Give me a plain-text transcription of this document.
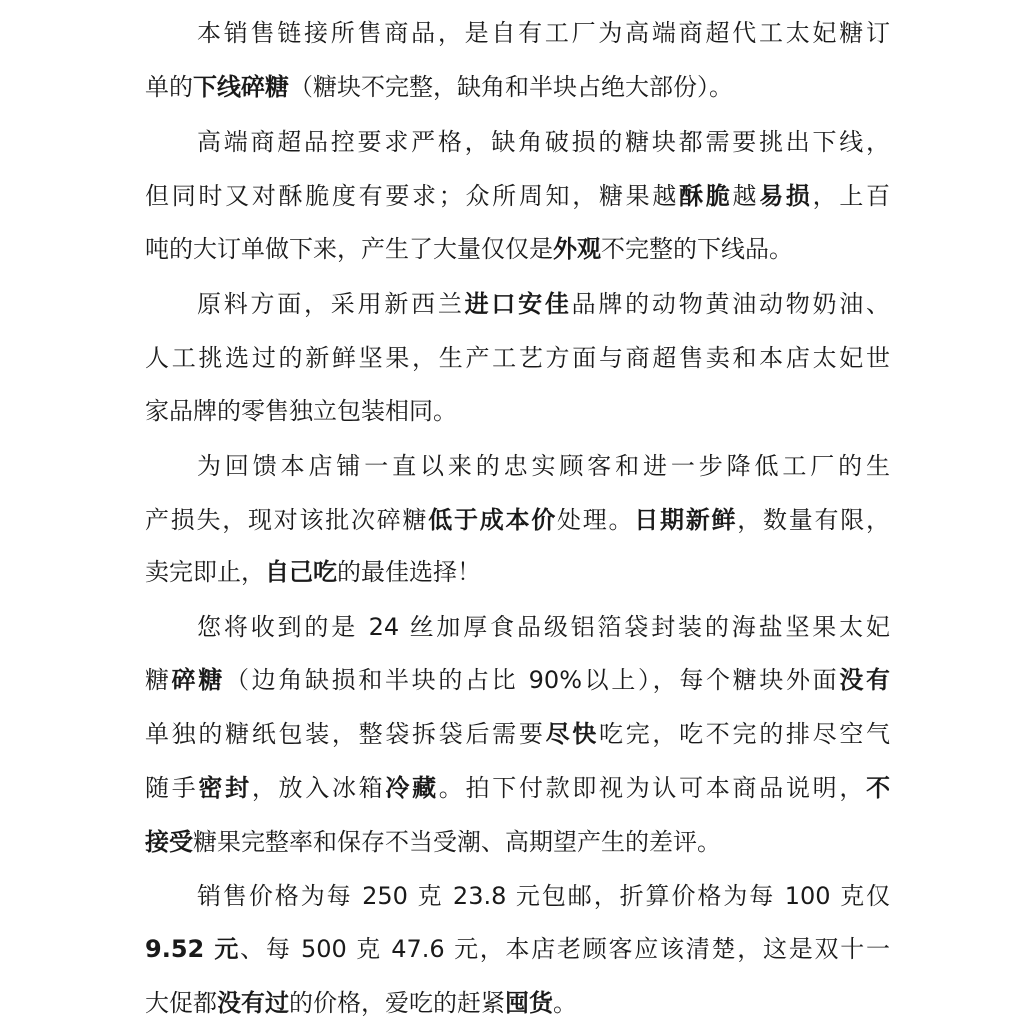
本销售链接所售商品，是自有工厂为高端商超代工太妃糖订
单的下线碎糖（糖块不完整，缺角和半块占绝大部份）。
高端商超品控要求严格，缺角破损的糖块都需要挑出下线，
但同时又对酥脆度有要求；众所周知，糖果越酥脆越易损，上百
吨的大订单做下来，产生了大量仅仅是外观不完整的下线品。
原料方面，采用新西兰进口安佳品牌的动物黄油动物奶油、
人工挑选过的新鲜坚果，生产工艺方面与商超售卖和本店太妃世
家品牌的零售独立包装相同。
为回馈本店铺一直以来的忠实顾客和进一步降低工厂的生
产损失，现对该批次碎糖低于成本价处理。日期新鲜，数量有限，
卖完即止，自己吃的最佳选择！
您将收到的是 24 丝加厚食品级铝箔袋封装的海盐坚果太妃
糖碎糖（边角缺损和半块的占比 90%以上），每个糖块外面没有
单独的糖纸包装，整袋拆袋后需要尽快吃完，吃不完的排尽空气
随手密封，放入冰箱冷藏。拍下付款即视为认可本商品说明，不
接受糖果完整率和保存不当受潮、高期望产生的差评。
销售价格为每 250 克 23.8 元包邮，折算价格为每 100 克仅
9.52 元、每 500 克 47.6 元，本店老顾客应该清楚，这是双十一
大促都没有过的价格，爱吃的赶紧囤货。
